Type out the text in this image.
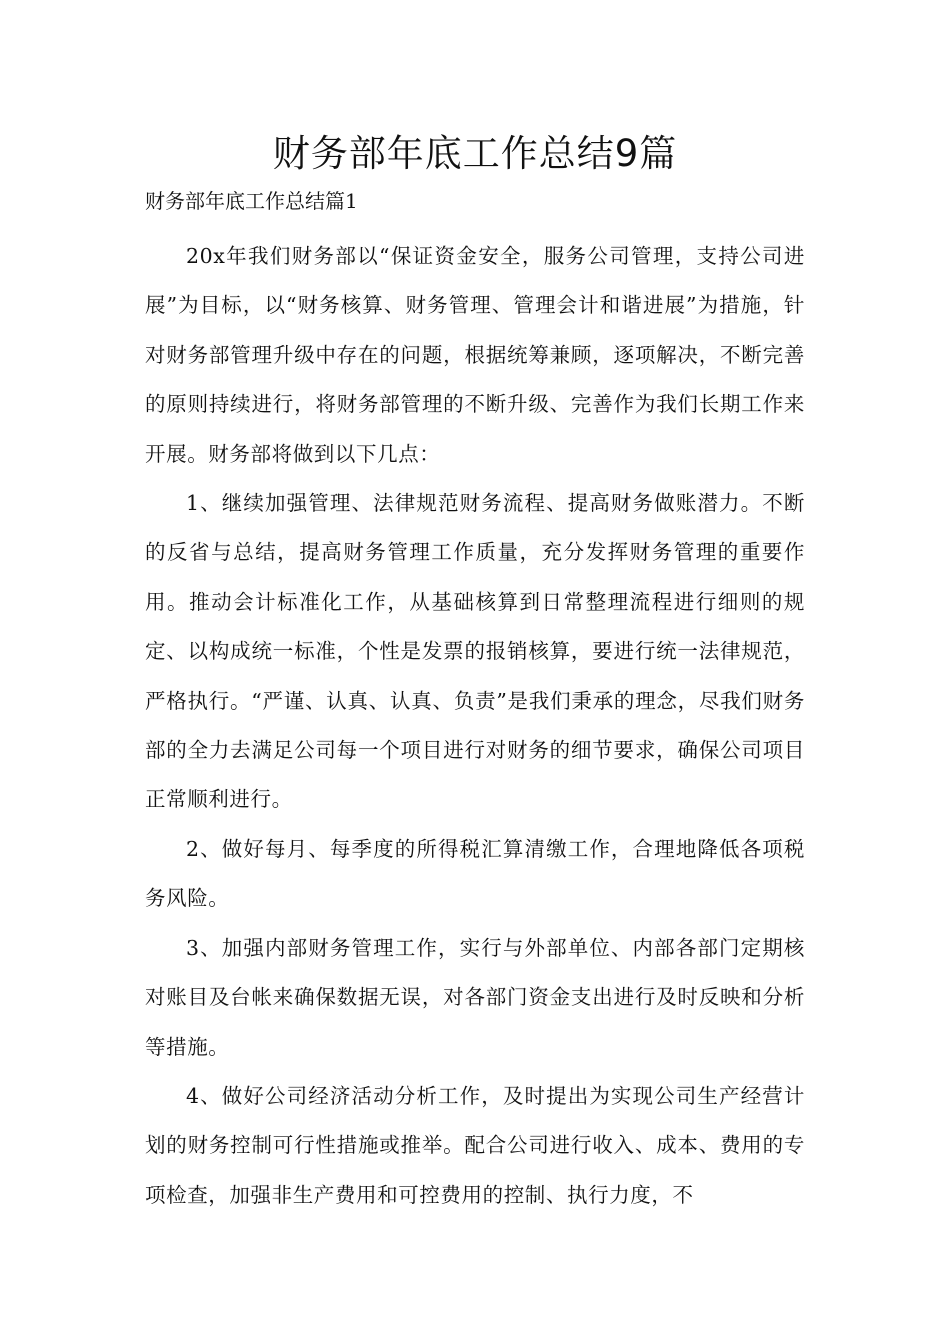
财务部年底工作总结9篇

财务部年底工作总结篇1

20x年我们财务部以“保证资金安全，服务公司管理，支持公司进展”为目标，以“财务核算、财务管理、管理会计和谐进展”为措施，针对财务部管理升级中存在的问题，根据统筹兼顾，逐项解决，不断完善的原则持续进行，将财务部管理的不断升级、完善作为我们长期工作来开展。财务部将做到以下几点：

1、继续加强管理、法律规范财务流程、提高财务做账潜力。不断的反省与总结，提高财务管理工作质量，充分发挥财务管理的重要作用。推动会计标准化工作，从基础核算到日常整理流程进行细则的规定、以构成统一标准，个性是发票的报销核算，要进行统一法律规范，严格执行。“严谨、认真、认真、负责”是我们秉承的理念，尽我们财务部的全力去满足公司每一个项目进行对财务的细节要求，确保公司项目正常顺利进行。

2、做好每月、每季度的所得税汇算清缴工作，合理地降低各项税务风险。

3、加强内部财务管理工作，实行与外部单位、内部各部门定期核对账目及台帐来确保数据无误，对各部门资金支出进行及时反映和分析等措施。

4、做好公司经济活动分析工作，及时提出为实现公司生产经营计划的财务控制可行性措施或推举。配合公司进行收入、成本、费用的专项检查，加强非生产费用和可控费用的控制、执行力度，不
